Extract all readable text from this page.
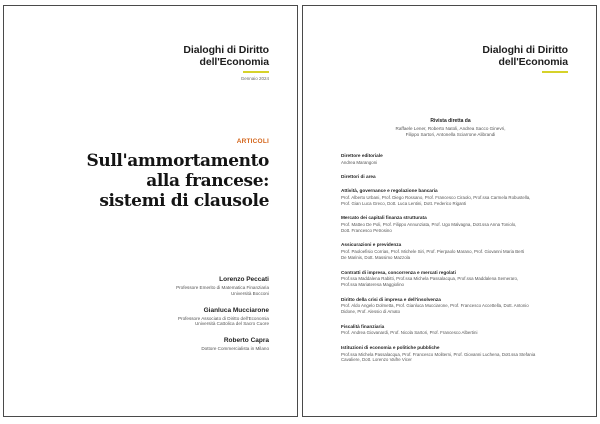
Dialoghi di Diritto
dell'Economia
Gennaio 2024
ARTICOLI
Sull'ammortamento
alla francese:
sistemi di clausole
Lorenzo Peccati
Professore Emerito di Matematica Finanziaria
Università Bocconi
Gianluca Mucciarone
Professore Associato di Diritto dell'Economia
Università Cattolica del Sacro Cuore
Roberto Capra
Dottore Commercialista in Milano
Dialoghi di Diritto
dell'Economia
Rivista diretta da
Raffaele Lener, Roberto Natoli, Andrea Sacco Ginevri,
Filippo Sartori, Antonella Sciarrone Alibrandi
Direttore editoriale
Andrea Marangoni
Direttori di area
Attività, governance e regolazione bancaria
Prof. Alberto Urbani, Prof. Diego Rossano, Prof. Francesco Ciraolo, Prof.ssa Carmela Robustella,
Prof. Gian Luca Greco, Dott. Luca Lentini, Dott. Federico Riganti
Mercato dei capitali finanza strutturata
Prof. Matteo De Poli, Prof. Filippo Annunziata, Prof. Ugo Malvagna, Dott.ssa Anna Toniolo,
Dott. Francesco Petrosino
Assicurazioni e previdenza
Prof. Paoloefisio Corrias, Prof. Michele Siri, Prof. Pierpaolo Marano, Prof. Giovanni Maria Berti
De Marinis, Dott. Massimo Mazzola
Contratti di impresa, concorrenza e mercati regolati
Prof.ssa Maddalena Rabitti, Prof.ssa Michela Passalacqua, Prof.ssa Maddalena Semeraro,
Prof.ssa Mariateresa Maggiolino
Diritto della crisi di impresa e dell'insolvenza
Prof. Aldo Angelo Dolmetta, Prof. Gianluca Mucciarone, Prof. Francesco Accettella, Dott. Antonio
Didone, Prof. Alessio di Amato
Fiscalità finanziaria
Prof. Andrea Giovanardi, Prof. Nicola Sartori, Prof. Francesco Albertini
Istituzioni di economia e politiche pubbliche
Prof.ssa Michela Passalacqua, Prof. Francesco Moliterni, Prof. Giovanni Luchena, Dott.ssa Stefania
Cavaliere, Dott. Lorenzo Vaifre Vicer
